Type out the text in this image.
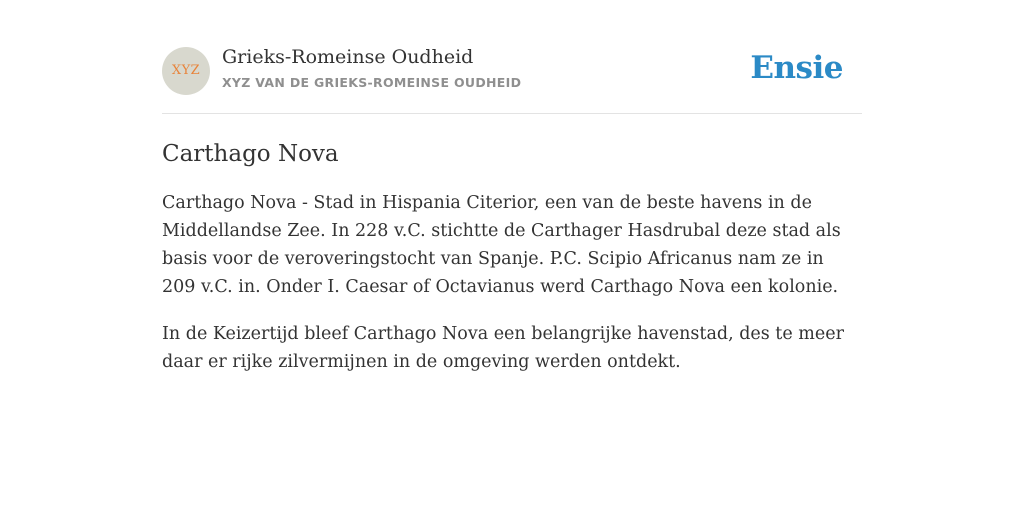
XYZ
Grieks-Romeinse Oudheid
XYZ VAN DE GRIEKS-ROMEINSE OUDHEID	Ensie
Carthago Nova

Carthago Nova - Stad in Hispania Citerior, een van de beste havens in de Middellandse Zee. In 228 v.C. stichtte de Carthager Hasdrubal deze stad als basis voor de veroveringstocht van Spanje. P.C. Scipio Africanus nam ze in 209 v.C. in. Onder I. Caesar of Octavianus werd Carthago Nova een kolonie.

In de Keizertijd bleef Carthago Nova een belangrijke havenstad, des te meer daar er rijke zilvermijnen in de omgeving werden ontdekt.
